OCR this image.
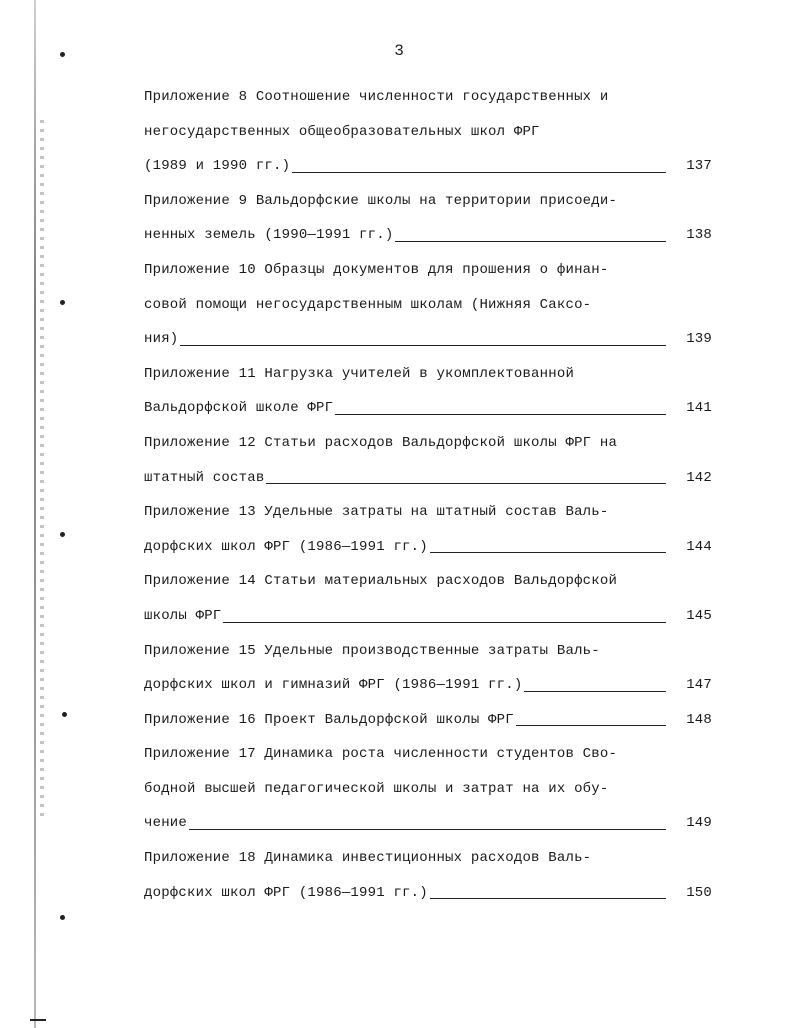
3
Приложение 8 Соотношение численности государственных и
негосударственных общеобразовательных школ ФРГ
(1989 и 1990 гг.)	137
Приложение 9 Вальдорфские школы на территории присоеди-
ненных земель (1990—1991 гг.)	138
Приложение 10 Образцы документов для прошения о финан-
совой помощи негосударственным школам (Нижняя Саксо-
ния)	139
Приложение 11 Нагрузка учителей в укомплектованной
Вальдорфской школе ФРГ	141
Приложение 12 Статьи расходов Вальдорфской школы ФРГ на
штатный состав	142
Приложение 13 Удельные затраты на штатный состав Валь-
дорфских школ ФРГ (1986—1991 гг.)	144
Приложение 14 Статьи материальных расходов Вальдорфской
школы ФРГ	145
Приложение 15 Удельные производственные затраты Валь-
дорфских школ и гимназий ФРГ (1986—1991 гг.)	147
Приложение 16 Проект Вальдорфской школы ФРГ	148
Приложение 17 Динамика роста численности студентов Сво-
бодной высшей педагогической школы и затрат на их обу-
чение	149
Приложение 18 Динамика инвестиционных расходов Валь-
дорфских школ ФРГ (1986—1991 гг.)	150
